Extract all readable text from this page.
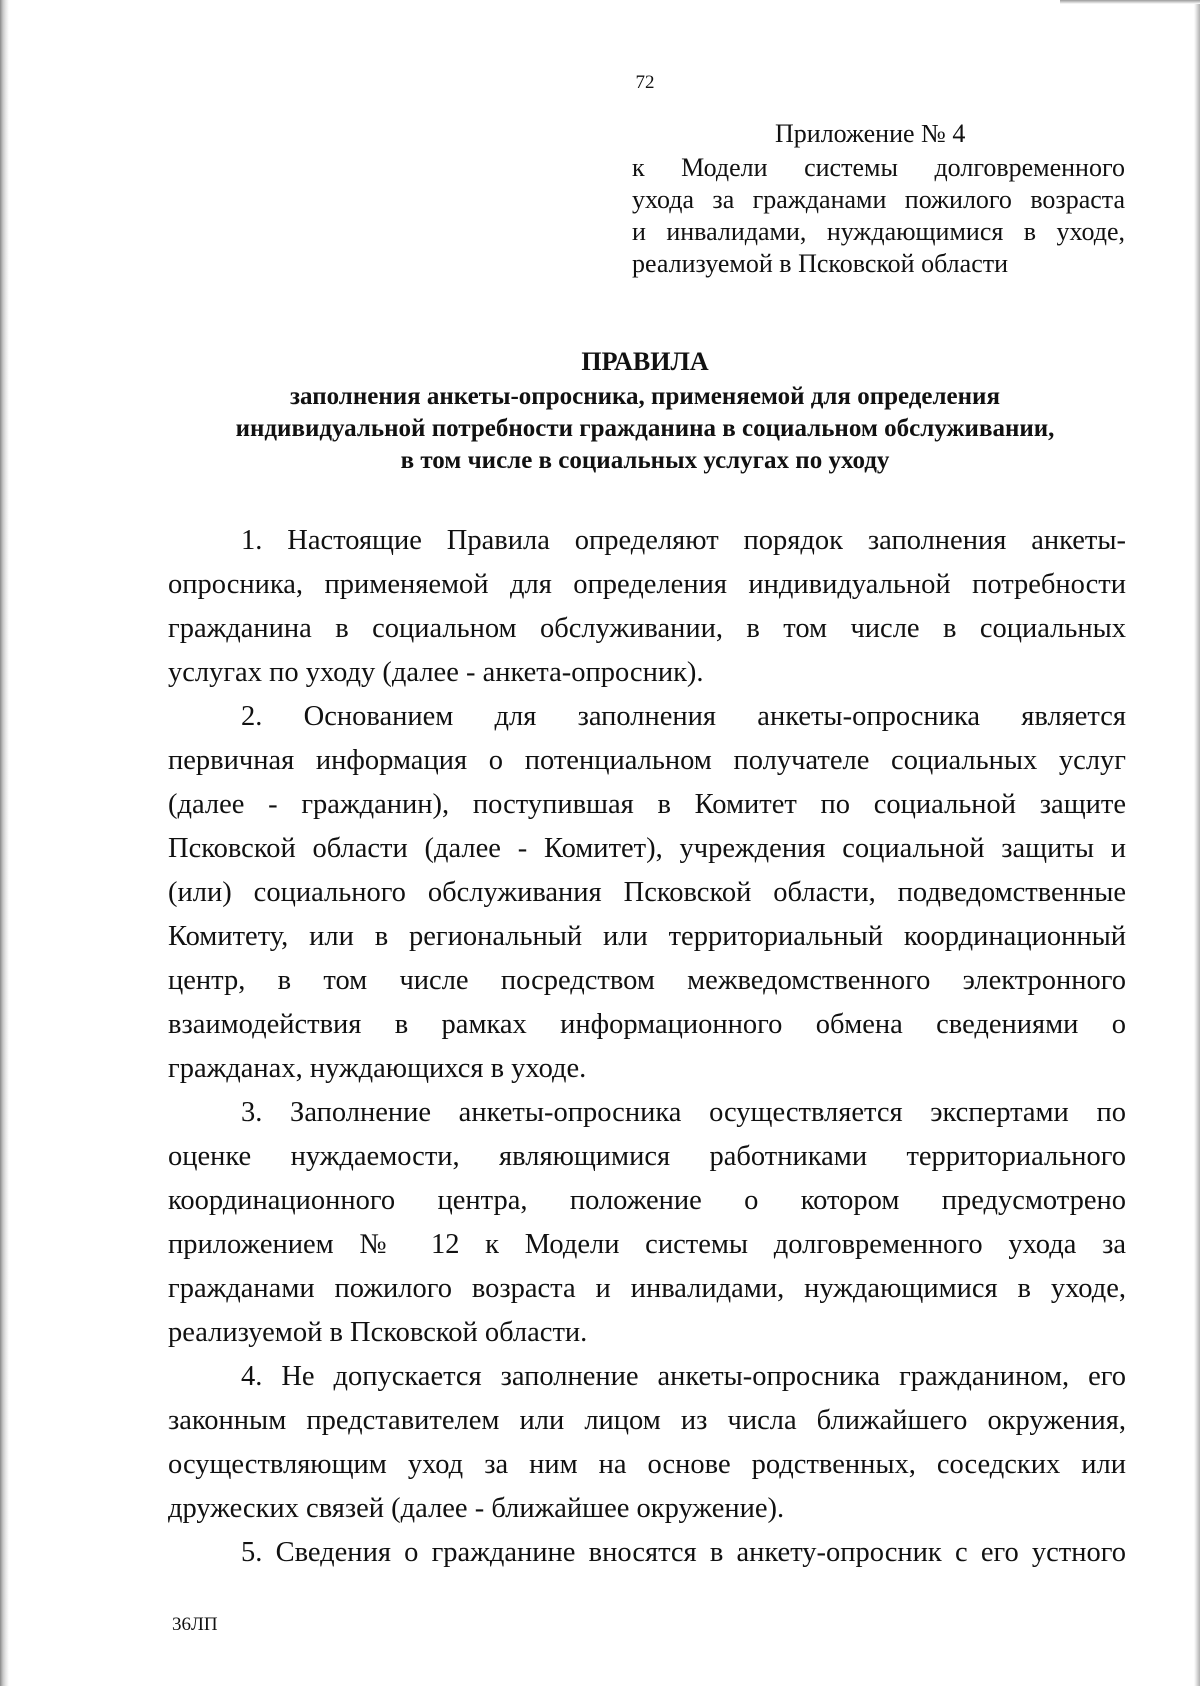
72
Приложение № 4
к Модели системы долговременного
ухода за гражданами пожилого возраста
и инвалидами, нуждающимися в уходе,
реализуемой в Псковской области
ПРАВИЛА
заполнения анкеты-опросника, применяемой для определения
индивидуальной потребности гражданина в социальном обслуживании,
в том числе в социальных услугах по уходу

1. Настоящие Правила определяют порядок заполнения анкеты-
опросника, применяемой для определения индивидуальной потребности
гражданина в социальном обслуживании, в том числе в социальных
услугах по уходу (далее - анкета-опросник).

2. Основанием для заполнения анкеты-опросника является
первичная информация о потенциальном получателе социальных услуг
(далее - гражданин), поступившая в Комитет по социальной защите
Псковской области (далее - Комитет), учреждения социальной защиты и
(или) социального обслуживания Псковской области, подведомственные
Комитету, или в региональный или территориальный координационный
центр, в том числе посредством межведомственного электронного
взаимодействия в рамках информационного обмена сведениями о
гражданах, нуждающихся в уходе.

3. Заполнение анкеты-опросника осуществляется экспертами по
оценке нуждаемости, являющимися работниками территориального
координационного центра, положение о котором предусмотрено
приложением № 12 к Модели системы долговременного ухода за
гражданами пожилого возраста и инвалидами, нуждающимися в уходе,
реализуемой в Псковской области.

4. Не допускается заполнение анкеты-опросника гражданином, его
законным представителем или лицом из числа ближайшего окружения,
осуществляющим уход за ним на основе родственных, соседских или
дружеских связей (далее - ближайшее окружение).

5. Сведения о гражданине вносятся в анкету-опросник с его устного

36ЛП
